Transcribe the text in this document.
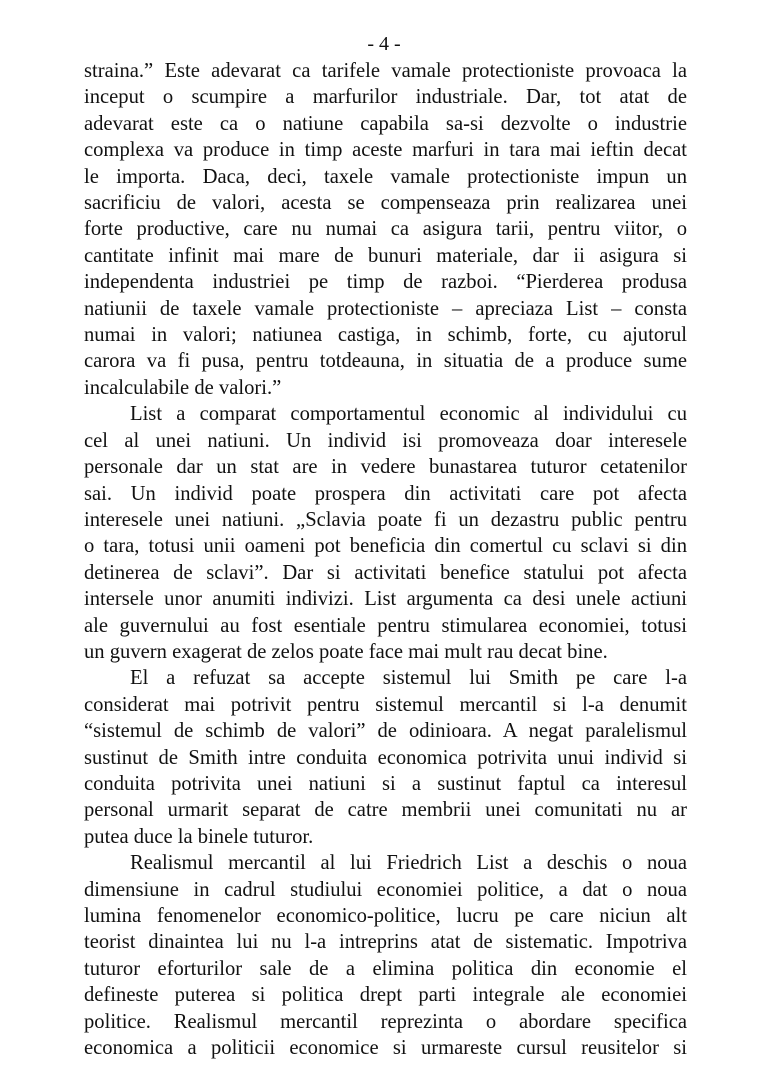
- 4 -
straina.” Este adevarat ca tarifele vamale protectioniste provoaca la
inceput o scumpire a marfurilor industriale. Dar, tot atat de
adevarat este ca o natiune capabila sa-si dezvolte o industrie
complexa va produce in timp aceste marfuri in tara mai ieftin decat
le importa. Daca, deci, taxele vamale protectioniste impun un
sacrificiu de valori, acesta se compenseaza prin realizarea unei
forte productive, care nu numai ca asigura tarii, pentru viitor, o
cantitate infinit mai mare de bunuri materiale, dar ii asigura si
independenta industriei pe timp de razboi. “Pierderea produsa
natiunii de taxele vamale protectioniste – apreciaza List – consta
numai in valori; natiunea castiga, in schimb, forte, cu ajutorul
carora va fi pusa, pentru totdeauna, in situatia de a produce sume
incalculabile de valori.”
List a comparat comportamentul economic al individului cu
cel al unei natiuni. Un individ isi promoveaza doar interesele
personale dar un stat are in vedere bunastarea tuturor cetatenilor
sai. Un individ poate prospera din activitati care pot afecta
interesele unei natiuni. „Sclavia poate fi un dezastru public pentru
o tara, totusi unii oameni pot beneficia din comertul cu sclavi si din
detinerea de sclavi”. Dar si activitati benefice statului pot afecta
intersele unor anumiti indivizi. List argumenta ca desi unele actiuni
ale guvernului au fost esentiale pentru stimularea economiei, totusi
un guvern exagerat de zelos poate face mai mult rau decat bine.
El a refuzat sa accepte sistemul lui Smith pe care l-a
considerat mai potrivit pentru sistemul mercantil si l-a denumit
“sistemul de schimb de valori” de odinioara. A negat paralelismul
sustinut de Smith intre conduita economica potrivita unui individ si
conduita potrivita unei natiuni si a sustinut faptul ca interesul
personal urmarit separat de catre membrii unei comunitati nu ar
putea duce la binele tuturor.
Realismul mercantil al lui Friedrich List a deschis o noua
dimensiune in cadrul studiului economiei politice, a dat o noua
lumina fenomenelor economico-politice, lucru pe care niciun alt
teorist dinaintea lui nu l-a intreprins atat de sistematic. Impotriva
tuturor eforturilor sale de a elimina politica din economie el
defineste puterea si politica drept parti integrale ale economiei
politice. Realismul mercantil reprezinta o abordare specifica
economica a politicii economice si urmareste cursul reusitelor si
